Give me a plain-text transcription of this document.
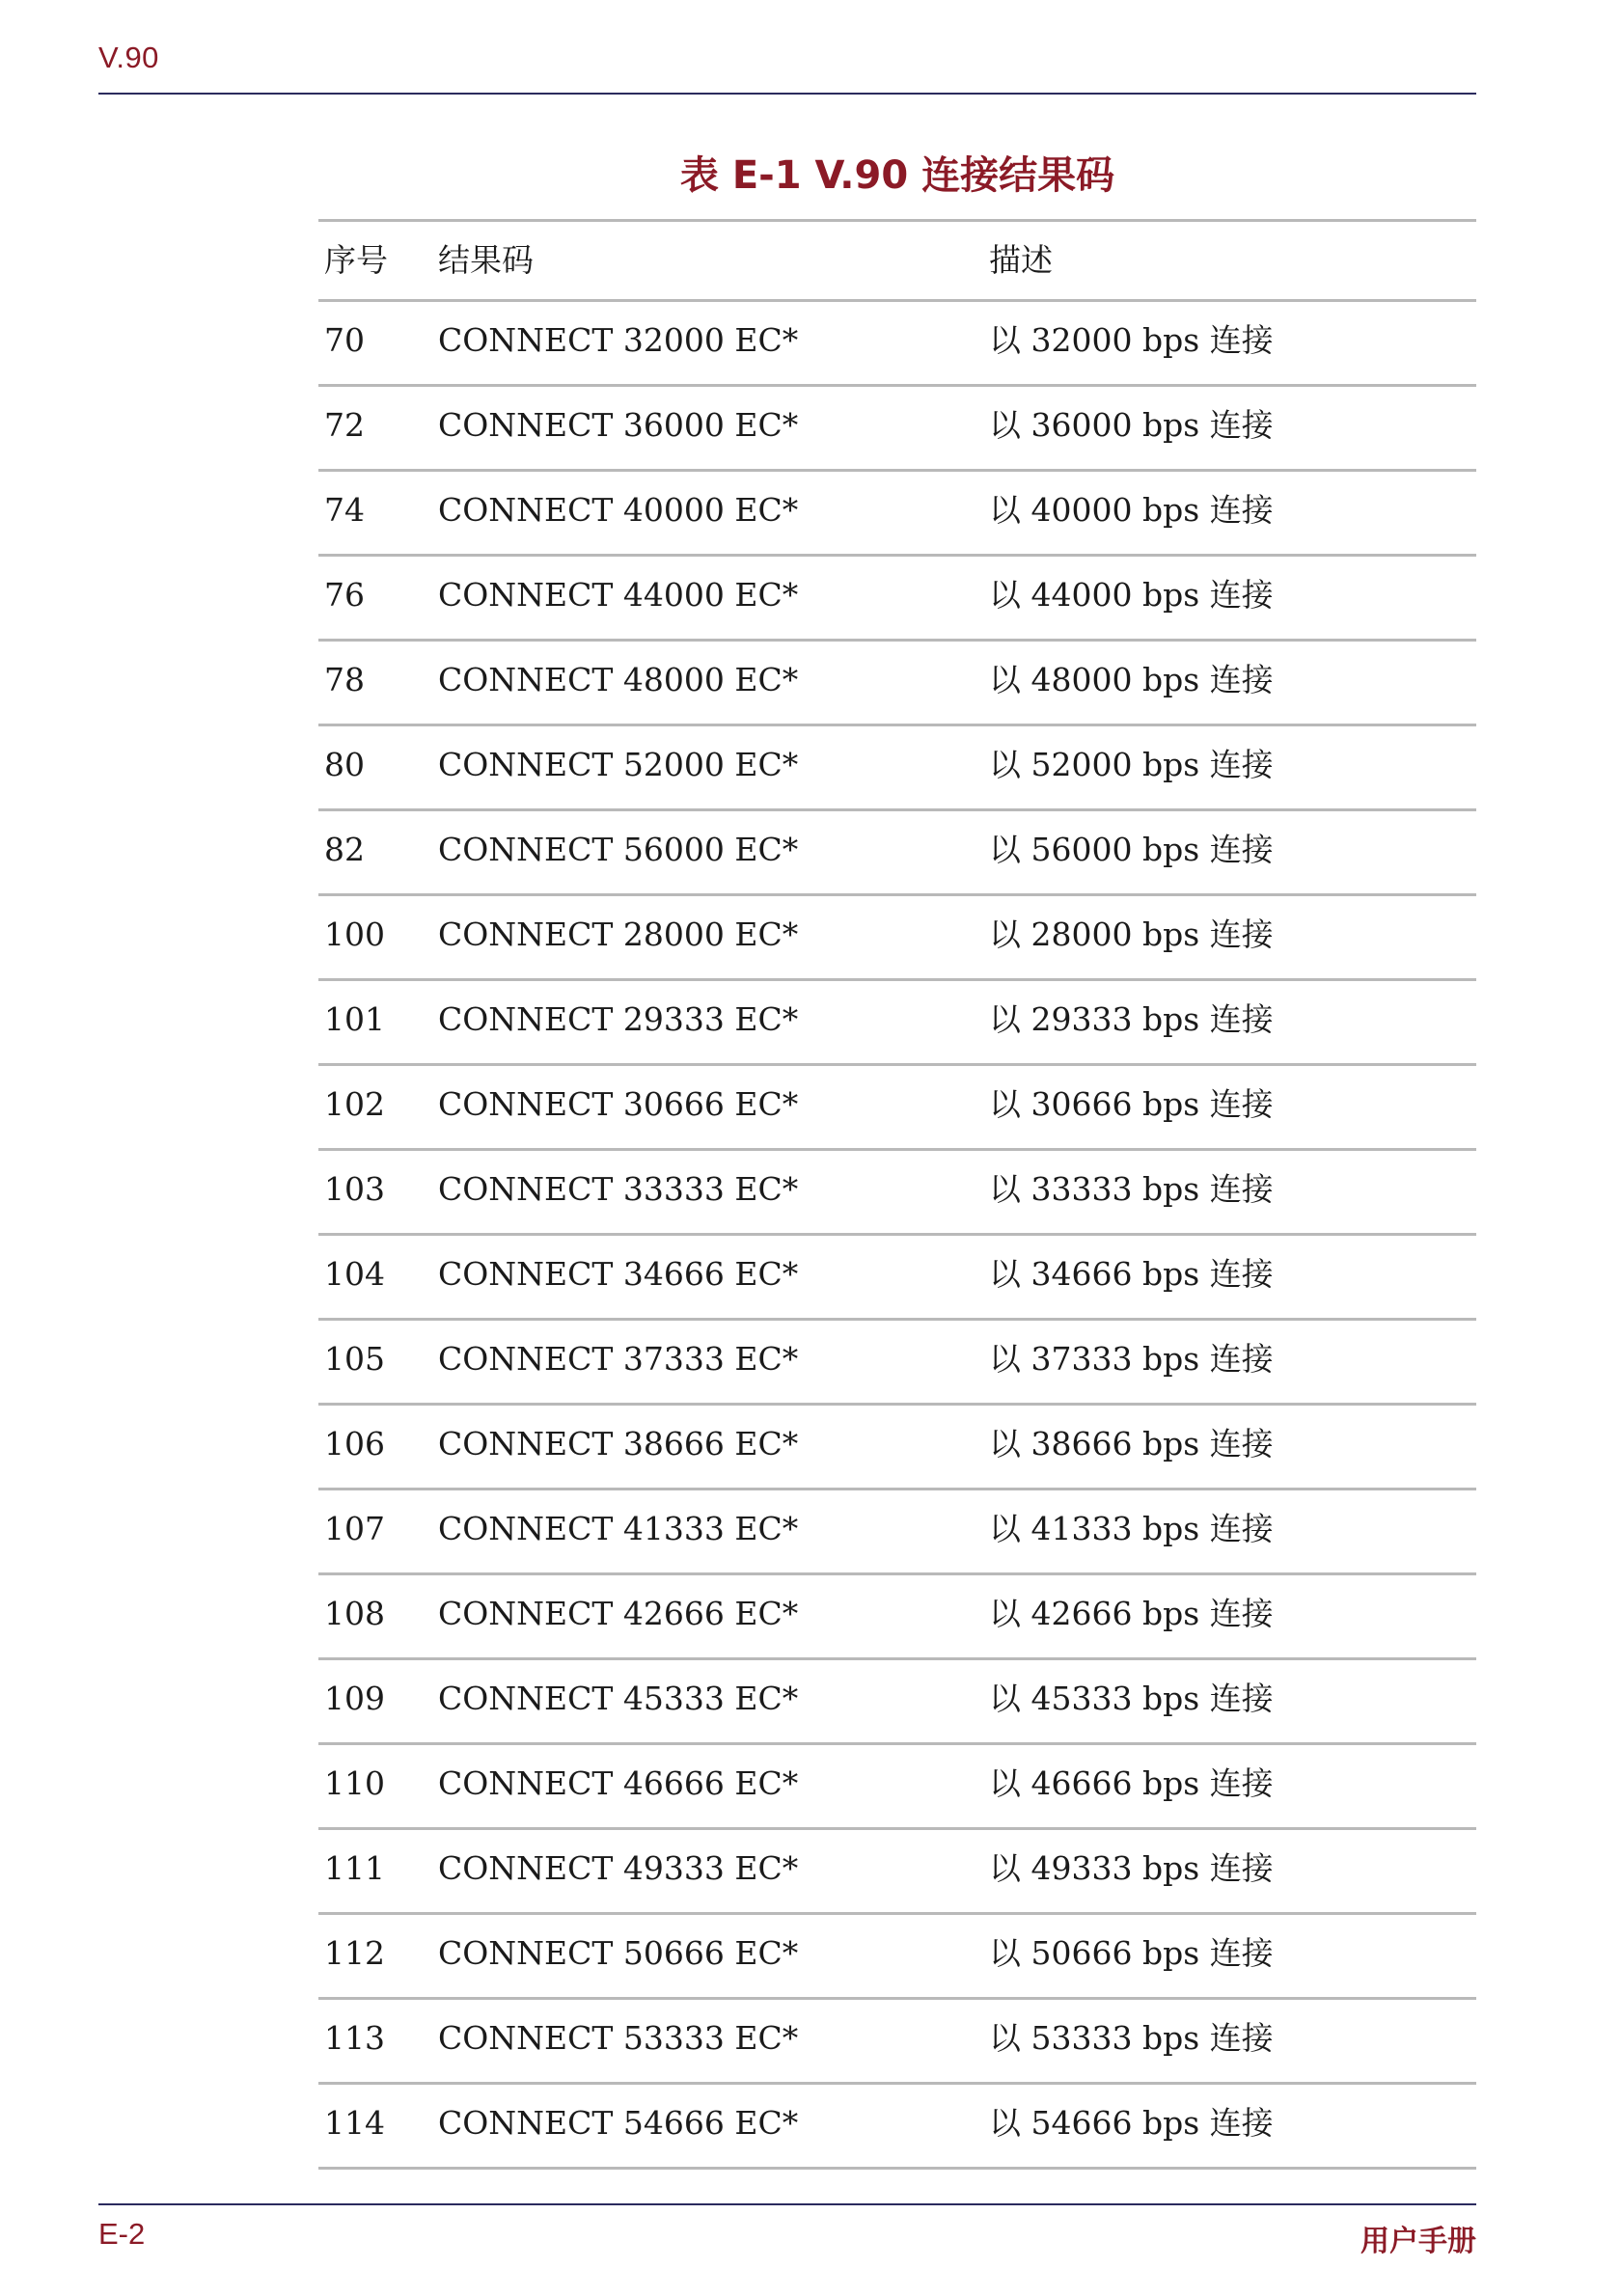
V.90
表 E-1 V.90 连接结果码
序号 结果码	描述
70 CONNECT 32000 EC*	以 32000 bps 连接
72 CONNECT 36000 EC*	以 36000 bps 连接
74 CONNECT 40000 EC*	以 40000 bps 连接
76 CONNECT 44000 EC*	以 44000 bps 连接
78 CONNECT 48000 EC*	以 48000 bps 连接
80 CONNECT 52000 EC*	以 52000 bps 连接
82 CONNECT 56000 EC*	以 56000 bps 连接
100 CONNECT 28000 EC*	以 28000 bps 连接
101 CONNECT 29333 EC*	以 29333 bps 连接
102 CONNECT 30666 EC*	以 30666 bps 连接
103 CONNECT 33333 EC*	以 33333 bps 连接
104 CONNECT 34666 EC*	以 34666 bps 连接
105 CONNECT 37333 EC*	以 37333 bps 连接
106 CONNECT 38666 EC*	以 38666 bps 连接
107 CONNECT 41333 EC*	以 41333 bps 连接
108 CONNECT 42666 EC*	以 42666 bps 连接
109 CONNECT 45333 EC*	以 45333 bps 连接
110 CONNECT 46666 EC*	以 46666 bps 连接
111 CONNECT 49333 EC*	以 49333 bps 连接
112 CONNECT 50666 EC*	以 50666 bps 连接
113 CONNECT 53333 EC*	以 53333 bps 连接
114 CONNECT 54666 EC*	以 54666 bps 连接
E-2	用户手册
